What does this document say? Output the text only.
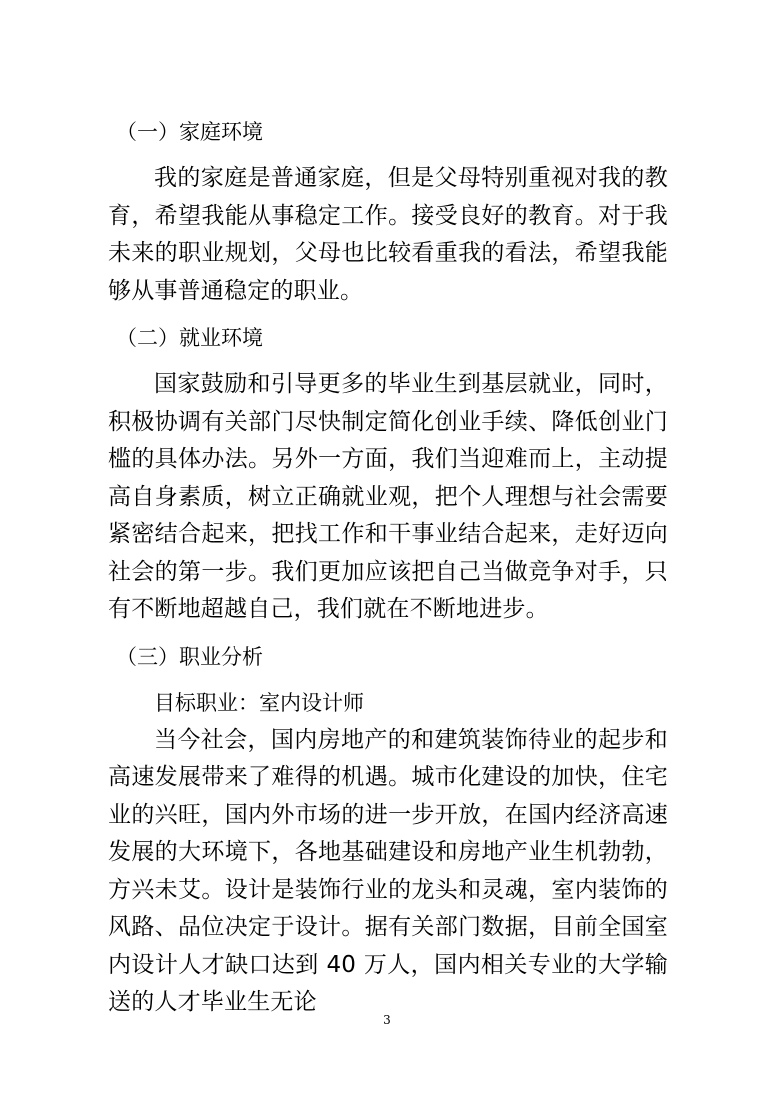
（一）家庭环境

我的家庭是普通家庭，但是父母特别重视对我的教育，希望我能从事稳定工作。接受良好的教育。对于我未来的职业规划，父母也比较看重我的看法，希望我能够从事普通稳定的职业。

（二）就业环境

国家鼓励和引导更多的毕业生到基层就业，同时，积极协调有关部门尽快制定简化创业手续、降低创业门槛的具体办法。另外一方面，我们当迎难而上，主动提高自身素质，树立正确就业观，把个人理想与社会需要紧密结合起来，把找工作和干事业结合起来，走好迈向社会的第一步。我们更加应该把自己当做竞争对手，只有不断地超越自己，我们就在不断地进步。

（三）职业分析
目标职业：室内设计师

当今社会，国内房地产的和建筑装饰待业的起步和高速发展带来了难得的机遇。城市化建设的加快，住宅业的兴旺，国内外市场的进一步开放，在国内经济高速发展的大环境下，各地基础建设和房地产业生机勃勃，方兴未艾。设计是装饰行业的龙头和灵魂，室内装饰的风路、品位决定于设计。据有关部门数据，目前全国室内设计人才缺口达到 40 万人，国内相关专业的大学输送的人才毕业生无论

3
